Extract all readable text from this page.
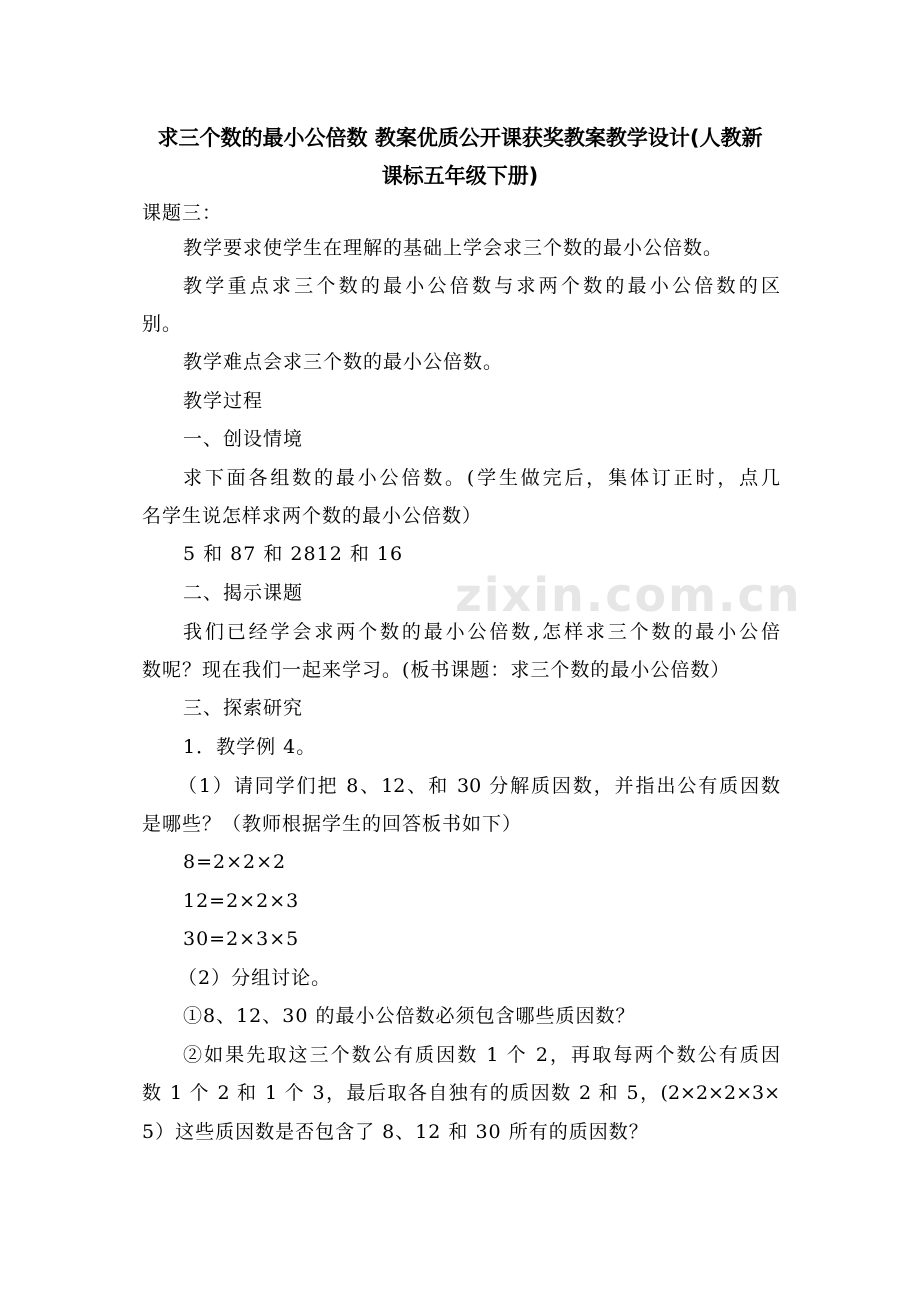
zixin.com.cn
求三个数的最小公倍数 教案优质公开课获奖教案教学设计(人教新
课标五年级下册)
课题三：
教学要求使学生在理解的基础上学会求三个数的最小公倍数。
教学重点求三个数的最小公倍数与求两个数的最小公倍数的区
别。
教学难点会求三个数的最小公倍数。
教学过程
一、创设情境
求下面各组数的最小公倍数。(学生做完后，集体订正时，点几
名学生说怎样求两个数的最小公倍数）
5 和 87 和 2812 和 16
二、揭示课题
我们已经学会求两个数的最小公倍数,怎样求三个数的最小公倍
数呢？现在我们一起来学习。(板书课题：求三个数的最小公倍数）
三、探索研究
1．教学例 4。
（1）请同学们把 8、12、和 30 分解质因数，并指出公有质因数
是哪些？（教师根据学生的回答板书如下）
8=2×2×2
12=2×2×3
30=2×3×5
（2）分组讨论。
①8、12、30 的最小公倍数必须包含哪些质因数？
②如果先取这三个数公有质因数 1 个 2，再取每两个数公有质因
数 1 个 2 和 1 个 3，最后取各自独有的质因数 2 和 5，(2×2×2×3×
5）这些质因数是否包含了 8、12 和 30 所有的质因数？
